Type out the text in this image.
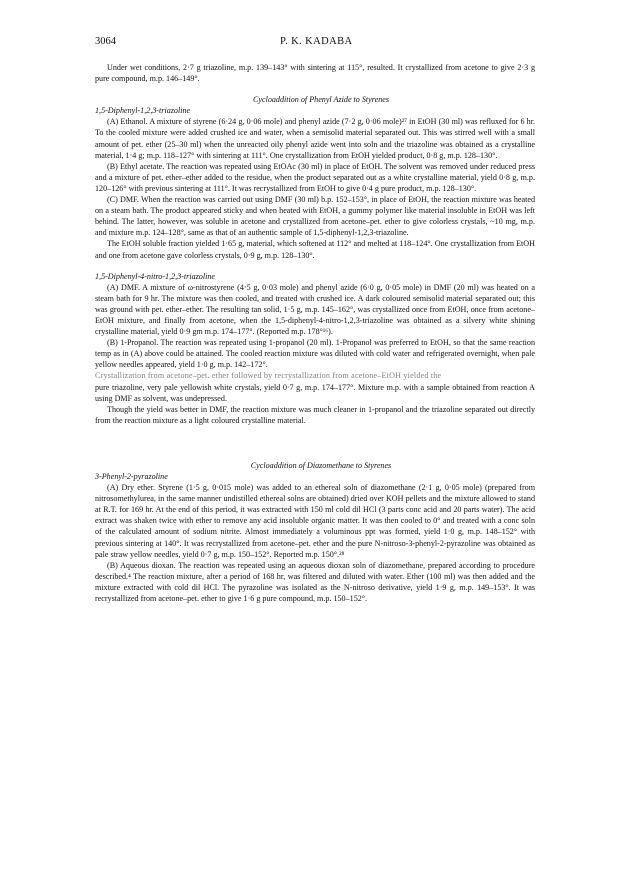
3064	P. K. KADABA

Under wet conditions, 2·7 g triazoline, m.p. 139–143° with sintering at 115°, resulted. It crystallized from acetone to give 2·3 g pure compound, m.p. 146–149°.

Cycloaddition of Phenyl Azide to Styrenes

1,5-Diphenyl-1,2,3-triazoline

(A) Ethanol. A mixture of styrene (6·24 g, 0·06 mole) and phenyl azide (7·2 g, 0·06 mole)²⁷ in EtOH (30 ml) was refluxed for 6 hr. To the cooled mixture were added crushed ice and water, when a semisolid material separated out. This was stirred well with a small amount of pet. ether (25–30 ml) when the unreacted oily phenyl azide went into soln and the triazoline was obtained as a crystalline material, 1·4 g; m.p. 118–127° with sintering at 111°. One crystallization from EtOH yielded product, 0·8 g, m.p. 128–130°.

(B) Ethyl acetate. The reaction was repeated using EtOAc (30 ml) in place of EtOH. The solvent was removed under reduced press and a mixture of pet. ether–ether added to the residue, when the product separated out as a white crystalline material, yield 0·8 g, m.p. 120–126° with previous sintering at 111°. It was recrystallized from EtOH to give 0·4 g pure product, m.p. 128–130°.

(C) DMF. When the reaction was carried out using DMF (30 ml) b.p. 152–153°, in place of EtOH, the reaction mixture was heated on a steam bath. The product appeared sticky and when heated with EtOH, a gummy polymer like material insoluble in EtOH was left behind. The latter, however, was soluble in acetone and crystallized from acetone–pet. ether to give colorless crystals, ~10 mg, m.p. and mixture m.p. 124–128°, same as that of an authentic sample of 1,5-diphenyl-1,2,3-triazoline.

The EtOH soluble fraction yielded 1·65 g, material, which softened at 112° and melted at 118–124°. One crystallization from EtOH and one from acetone gave colorless crystals, 0·9 g, m.p. 128–130°.

1,5-Diphenyl-4-nitro-1,2,3-triazoline

(A) DMF. A mixture of ω-nitrostyrene (4·5 g, 0·03 mole) and phenyl azide (6·0 g, 0·05 mole) in DMF (20 ml) was heated on a steam bath for 9 hr. The mixture was then cooled, and treated with crushed ice. A dark coloured semisolid material separated out; this was ground with pet. ether–ether. The resulting tan solid, 1·5 g, m.p. 145–162°, was crystallized once from EtOH, once from acetone–EtOH mixture, and finally from acetone, when the 1,5-diphenyl-4-nitro-1,2,3-triazoline was obtained as a silvery white shining crystalline material, yield 0·9 gm m.p. 174–177°. (Reported m.p. 178°¹⁶).

(B) 1-Propanol. The reaction was repeated using 1-propanol (20 ml). 1-Propanol was preferred to EtOH, so that the same reaction temp as in (A) above could be attained. The cooled reaction mixture was diluted with cold water and refrigerated overnight, when pale yellow needles appeared, yield 1·0 g, m.p. 142–172°.

Crystallization from acetone–pet. ether followed by recrystallization from acetone–EtOH yielded the

pure triazoline, very pale yellowish white crystals, yield 0·7 g, m.p. 174–177°. Mixture m.p. with a sample obtained from reaction A using DMF as solvent, was undepressed.

Though the yield was better in DMF, the reaction mixture was much cleaner in 1-propanol and the triazoline separated out directly from the reaction mixture as a light coloured crystalline material.

Cycloaddition of Diazomethane to Styrenes

3-Phenyl-2-pyrazoline

(A) Dry ether. Styrene (1·5 g, 0·015 mole) was added to an ethereal soln of diazomethane (2·1 g, 0·05 mole) (prepared from nitrosomethylurea, in the same manner undistilled ethereal solns are obtained) dried over KOH pellets and the mixture allowed to stand at R.T. for 169 hr. At the end of this period, it was extracted with 150 ml cold dil HCl (3 parts conc acid and 20 parts water). The acid extract was shaken twice with ether to remove any acid insoluble organic matter. It was then cooled to 0° and treated with a conc soln of the calculated amount of sodium nitrite. Almost immediately a voluminous ppt was formed, yield 1·0 g, m.p. 148–152° with previous sintering at 140°. It was recrystallized from acetone–pet. ether and the pure N-nitroso-3-phenyl-2-pyrazoline was obtained as pale straw yellow needles, yield 0·7 g, m.p. 150–152°. Reported m.p. 150°.²⁸

(B) Aqueous dioxan. The reaction was repeated using an aqueous dioxan soln of diazomethane, prepared according to procedure described.⁴ The reaction mixture, after a period of 168 hr, was filtered and diluted with water. Ether (100 ml) was then added and the mixture extracted with cold dil HCl. The pyrazoline was isolated as the N-nitroso derivative, yield 1·9 g, m.p. 149–153°. It was recrystallized from acetone–pet. ether to give 1·6 g pure compound, m.p. 150–152°.
